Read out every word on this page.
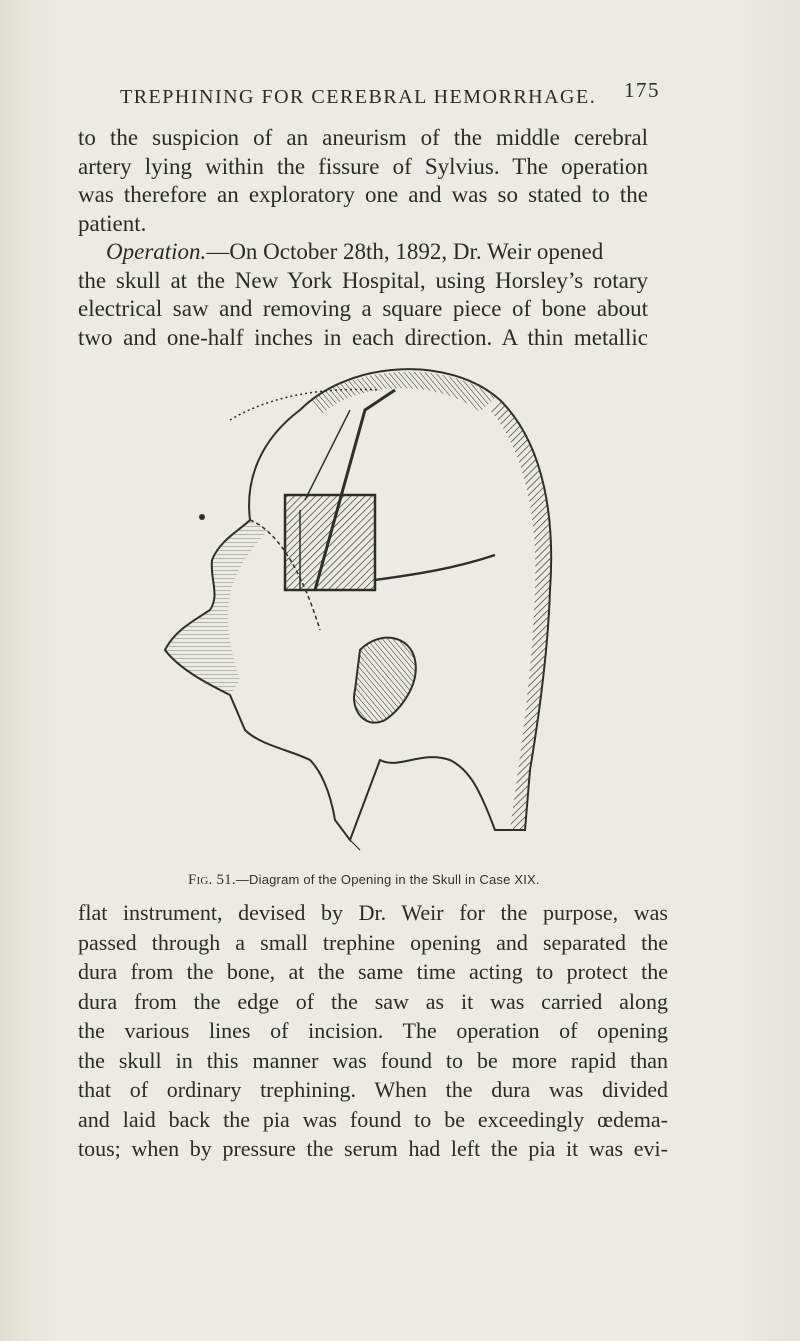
TREPHINING FOR CEREBRAL HEMORRHAGE. 175
to the suspicion of an aneurism of the middle cerebral
artery lying within the fissure of Sylvius. The operation
was therefore an exploratory one and was so stated to the
patient.
Operation.—On October 28th, 1892, Dr. Weir opened
the skull at the New York Hospital, using Horsley’s rotary
electrical saw and removing a square piece of bone about
two and one-half inches in each direction. A thin metallic
Fig. 51.—Diagram of the Opening in the Skull in Case XIX.
flat instrument, devised by Dr. Weir for the purpose, was
passed through a small trephine opening and separated the
dura from the bone, at the same time acting to protect the
dura from the edge of the saw as it was carried along
the various lines of incision. The operation of opening
the skull in this manner was found to be more rapid than
that of ordinary trephining. When the dura was divided
and laid back the pia was found to be exceedingly œdema-
tous; when by pressure the serum had left the pia it was evi-
